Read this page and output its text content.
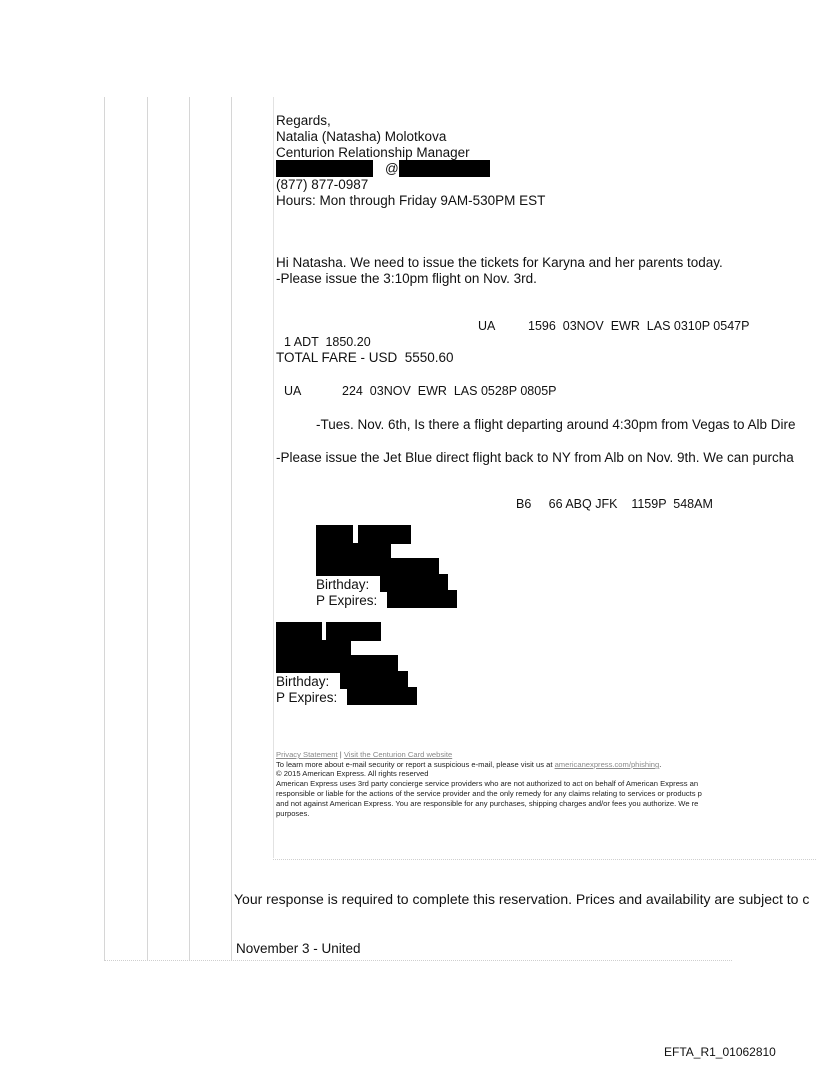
Regards,
Natalia (Natasha) Molotkova
Centurion Relationship Manager
@
(877) 877-0987
Hours: Mon through Friday 9AM-530PM EST
Hi Natasha. We need to issue the tickets for Karyna and her parents today.
-Please issue the 3:10pm flight on Nov. 3rd.
UA	1596  03NOV  EWR  LAS 0310P 0547P
1 ADT  1850.20
TOTAL FARE - USD  5550.60
UA	224  03NOV  EWR  LAS 0528P 0805P
-Tues. Nov. 6th, Is there a flight departing around 4:30pm from Vegas to Alb Dire
-Please issue the Jet Blue direct flight back to NY from Alb on Nov. 9th. We can purcha
B6     66 ABQ JFK    1159P  548AM
Birthday:
P Expires:
Birthday:
P Expires:
Privacy Statement | Visit the Centurion Card website
To learn more about e-mail security or report a suspicious e-mail, please visit us at americanexpress.com/phishing.
© 2015 American Express. All rights reserved
American Express uses 3rd party concierge service providers who are not authorized to act on behalf of American Express an
responsible or liable for the actions of the service provider and the only remedy for any claims relating to services or products p
and not against American Express. You are responsible for any purchases, shipping charges and/or fees you authorize. We re
purposes.
Your response is required to complete this reservation. Prices and availability are subject to c
November 3 - United
EFTA_R1_01062810
